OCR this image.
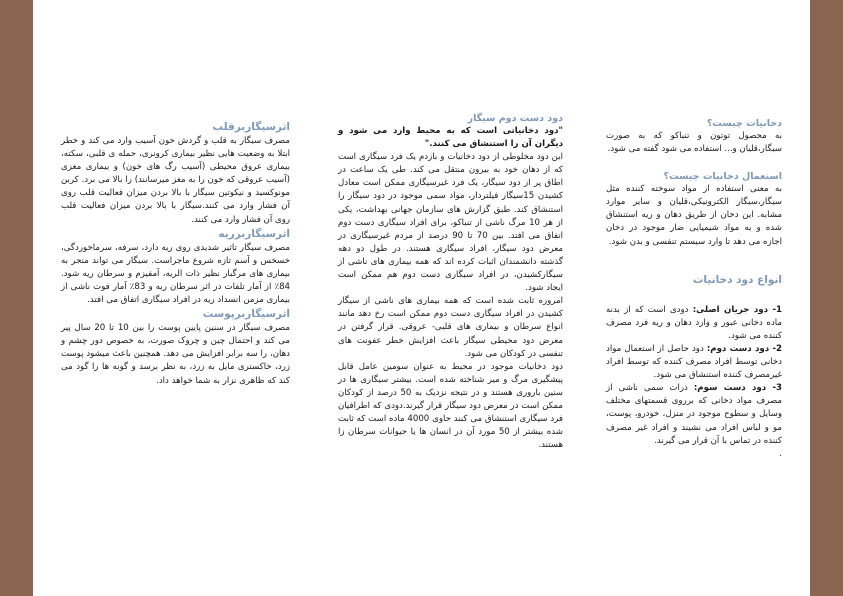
دخانیات چیست؟

به محصول توتون و تنباکو که به صورت سیگار،قلیان و... استفاده می شود گفته می شود.

استعمال دخانیات چیست؟

به معنی استفاده از مواد سوخته کننده مثل سیگار،سیگار الکترونیکی،قلیان و سایر موارد مشابه. این دخان از طریق دهان و ریه استنشاق شده و به مواد شیمیایی ضار موجود در دخان اجازه می دهد تا وارد سیستم تنفسی و بدن شود.

انواع دود دخانیات

1- دود جریان اصلی: دودی است که از بدنه ماده دخانی عبور و وارد دهان و ریه فرد مصرف کننده می شود.

2- دود دست دوم: دود حاصل از استعمال مواد دخانی توسط افراد مصرف کننده که توسط افراد غیرمصرف کننده استنشاق می شود.

3- دود دست سوم: ذرات سمی ناشی از مصرف مواد دخانی که برروی قسمتهای مختلف وسایل و سطوح موجود در منزل، خودرو، پوست، مو و لباس افراد می نشیند و افراد غیر مصرف کننده در تماس با آن قرار می گیرند.

.

دود دست دوم سیگار

"دود دخانیاتی است که به محیط وارد می شود و دیگران آن را استنشاق می کنند."

این دود مخلوطی از دود دخانیات و بازدم یک فرد سیگاری است که از دهان خود به بیرون منتقل می کند. طی یک ساعت در اطاق پر از دود سیگار، یک فرد غیرسیگاری ممکن است معادل کشیدن 15سیگار فیلتردار، مواد سمی موجود در دود سیگار را استنشاق کند. طبق گزارش های سازمان جهانی بهداشت، یکی از هر 10 مرگ ناشی از تنباکو، برای افراد سیگاری دست دوم اتفاق می افتد. بین 70 تا 90 درصد از مردم غیرسیگاری در معرض دود سیگار، افراد سیگاری هستند. در طول دو دهه گذشته دانشمندان اثبات کرده اند که همه بیماری های ناشی از سیگارکشیدن، در افراد سیگاری دست دوم هم ممکن است ایجاد شود.

امروزه ثابت شده است که همه بیماری های ناشی از سیگار کشیدن در افراد سیگاری دست دوم ممکن است رخ دهد مانند انواع سرطان و بیماری های قلبی- عروقی. قرار گرفتن در معرض دود محیطی سیگار باعث افزایش خطر عفونت های تنفسی در کودکان می شود.

دود دخانیات موجود در محیط به عنوان سومین عامل قابل پیشگیری مرگ و میر شناخته شده است. بیشتر سیگاری ها در سنین باروری هستند و در نتیجه نزدیک به 50 درصد از کودکان ممکن است در معرض دود سیگار قرار گیرند.دودی که اطرافیان فرد سیگاری استنشاق می کنند حاوی 4000 ماده است که ثابت شده بیشتر از 50 مورد آن در انسان ها یا حیوانات سرطان زا هستند.

اثرسیگاربرقلب

مصرف سیگار به قلب و گردش خون آسیب وارد می کند و خطر ابتلا به وضعیت هایی نظیر بیماری کرونری، حمله ی قلبی، سکته، بیماری عروق محیطی (آسیب رگ های خون) و بیماری مغزی (آسیب عروقی که خون را به مغز میرسانند) را بالا می برد. کربن مونوکسید و نیکوتین سیگار با بالا بردن میزان فعالیت قلب روی آن فشار وارد می کنند.سیگار با بالا بردن میزان فعالیت قلب روی آن فشار وارد می کنند.

اثرسیگاربرریه

مصرف سیگار تاثیر شدیدی روی ریه دارد، سرفه، سرماخوردگی، خسخس و آسم تازه شروع ماجراست. سیگار می تواند منجر به بیماری های مرگبار نظیر ذات الریه، آمفیزم و سرطان ریه شود. 84٪ از آمار تلفات در اثر سرطان ریه و 83٪ آمار فوت ناشی از بیماری مزمن انسداد ریه در افراد سیگاری اتفاق می افتد.

اثرسیگاربرپوست

مصرف سیگار در سنین پایین پوست را بین 10 تا 20 سال پیر می کند و احتمال چین و چروک صورت، به خصوص دور چشم و دهان، را سه برابر افزایش می دهد. همچنین باعث میشود پوست زرد، خاکستری مایل به زرد، به نظر برسد و گونه ها را گود می کند که ظاهری نزار به شما خواهد داد.
